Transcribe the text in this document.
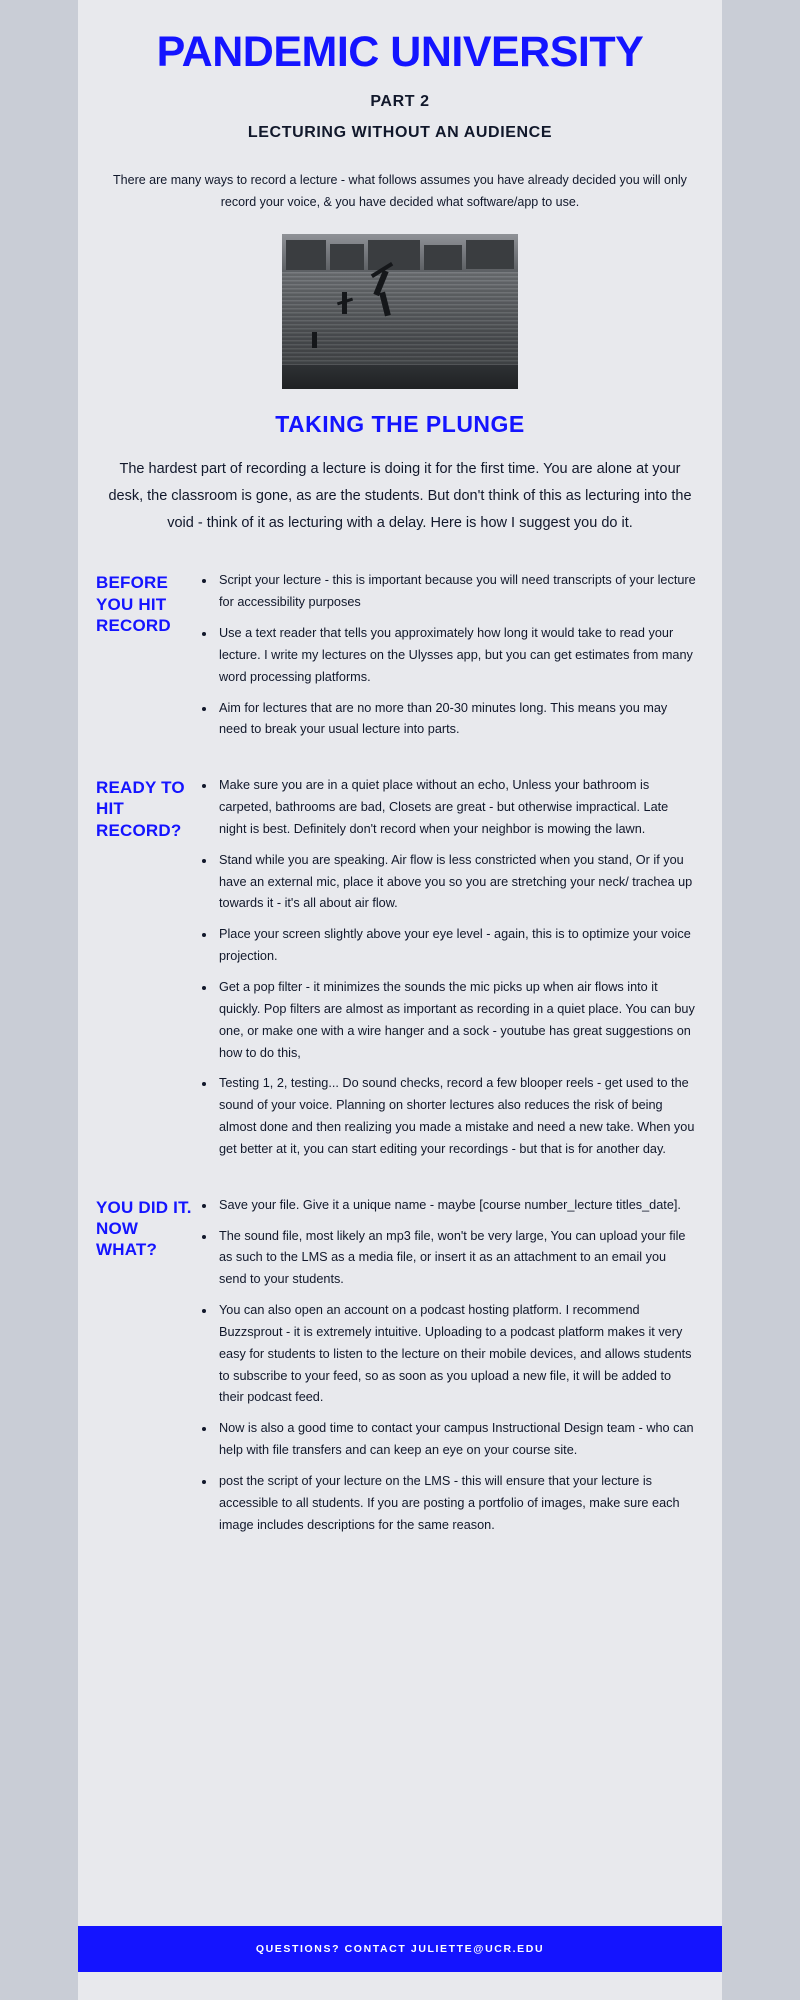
PANDEMIC UNIVERSITY
PART 2
LECTURING WITHOUT AN AUDIENCE
There are many ways to record a lecture - what follows assumes you have already decided you will only record your voice, & you have decided what software/app to use.
TAKING THE PLUNGE
The hardest part of recording a lecture is doing it for the first time. You are alone at your desk, the classroom is gone, as are the students. But don't think of this as lecturing into the void - think of it as lecturing with a delay. Here is how I suggest you do it.
BEFORE YOU HIT RECORD
• Script your lecture - this is important because you will need transcripts of your lecture for accessibility purposes
• Use a text reader that tells you approximately how long it would take to read your lecture. I write my lectures on the Ulysses app, but you can get estimates from many word processing platforms.
• Aim for lectures that are no more than 20-30 minutes long. This means you may need to break your usual lecture into parts.
READY TO HIT RECORD?
• Make sure you are in a quiet place without an echo, Unless your bathroom is carpeted, bathrooms are bad, Closets are great - but otherwise impractical. Late night is best. Definitely don't record when your neighbor is mowing the lawn.
• Stand while you are speaking. Air flow is less constricted when you stand, Or if you have an external mic, place it above you so you are stretching your neck/ trachea up towards it - it's all about air flow.
• Place your screen slightly above your eye level - again, this is to optimize your voice projection.
• Get a pop filter - it minimizes the sounds the mic picks up when air flows into it quickly. Pop filters are almost as important as recording in a quiet place. You can buy one, or make one with a wire hanger and a sock - youtube has great suggestions on how to do this,
• Testing 1, 2, testing... Do sound checks, record a few blooper reels - get used to the sound of your voice. Planning on shorter lectures also reduces the risk of being almost done and then realizing you made a mistake and need a new take. When you get better at it, you can start editing your recordings - but that is for another day.
YOU DID IT. NOW WHAT?
• Save your file. Give it a unique name - maybe [course number_lecture titles_date].
• The sound file, most likely an mp3 file, won't be very large, You can upload your file as such to the LMS as a media file, or insert it as an attachment to an email you send to your students.
• You can also open an account on a podcast hosting platform. I recommend Buzzsprout - it is extremely intuitive. Uploading to a podcast platform makes it very easy for students to listen to the lecture on their mobile devices, and allows students to subscribe to your feed, so as soon as you upload a new file, it will be added to their podcast feed.
• Now is also a good time to contact your campus Instructional Design team - who can help with file transfers and can keep an eye on your course site.
• post the script of your lecture on the LMS - this will ensure that your lecture is accessible to all students. If you are posting a portfolio of images, make sure each image includes descriptions for the same reason.
QUESTIONS? CONTACT JULIETTE@UCR.EDU
